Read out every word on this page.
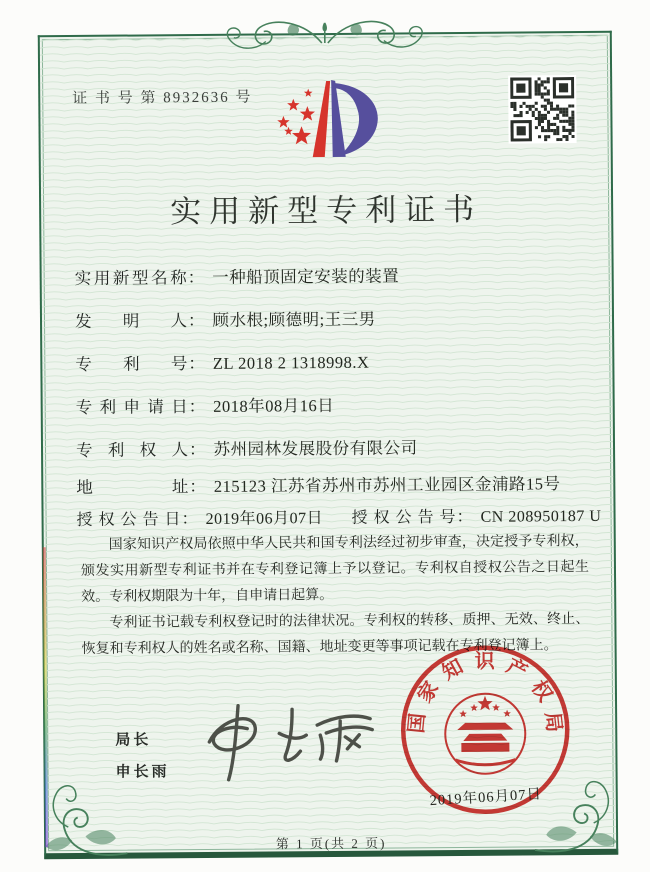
证 书 号 第 8932636 号
实用新型专利证书
实 用 新 型 名 称 ： 一种船顶固定安装的装置
发 明 人 ： 顾水根;顾德明;王三男
专 利 号 ： ZL 2018 2 1318998.X
专 利 申 请 日 ： 2018年08月16日
专 利 权 人 ： 苏州园林发展股份有限公司
地	址 ： 215123 江苏省苏州市苏州工业园区金浦路15号
授 权 公 告 日 ： 2019年06月07日 授 权 公 告 号 ： CN 208950187 U

国家知识产权局依照中华人民共和国专利法经过初步审查，决定授予专利权，颁发实用新型专利证书并在专利登记簿上予以登记。专利权自授权公告之日起生效。专利权期限为十年，自申请日起算。

专利证书记载专利权登记时的法律状况。专利权的转移、质押、无效、终止、恢复和专利权人的姓名或名称、国籍、地址变更等事项记载在专利登记簿上。

局长
申长雨
国
家
知 识 产
权
局
2019年06月07日
第 1 页(共 2 页)
